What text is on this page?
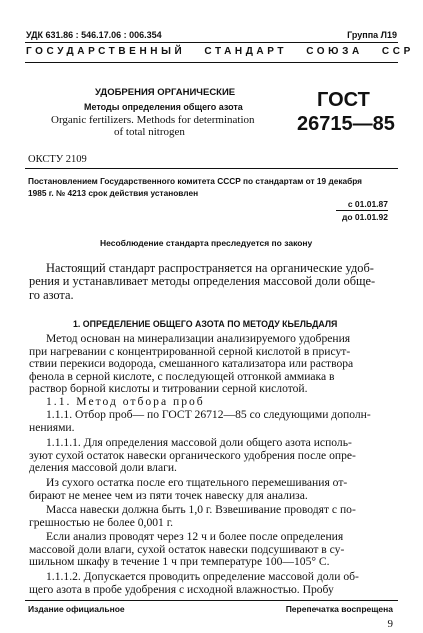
УДК 631.86 : 546.17.06 : 006.354	Группа Л19
ГОСУДАРСТВЕННЫЙ   СТАНДАРТ   СОЮЗА   ССР
УДОБРЕНИЯ ОРГАНИЧЕСКИЕ
Методы определения общего азота
Organic fertilizers. Methods for determination
of total nitrogen
ГОСТ
26715—85
ОКСТУ 2109
Постановлением Государственного комитета СССР по стандартам от 19 декабря
1985 г. № 4213 срок действия установлен
с 01.01.87
до 01.01.92
Несоблюдение стандарта преследуется по закону
Настоящий стандарт распространяется на органические удоб-
рения и устанавливает методы определения массовой доли обще-
го азота.
1. ОПРЕДЕЛЕНИЕ ОБЩЕГО АЗОТА ПО МЕТОДУ КЬЕЛЬДАЛЯ
Метод основан на минерализации анализируемого удобрения
при нагревании с концентрированной серной кислотой в присут-
ствии перекиси водорода, смешанного катализатора или раствора
фенола в серной кислоте, с последующей отгонкой аммиака в
раствор борной кислоты и титровании серной кислотой.
1.1. Метод отбора проб
1.1.1. Отбор проб— по ГОСТ 26712—85 со следующими дополн-
нениями.
1.1.1.1. Для определения массовой доли общего азота исполь-
зуют сухой остаток навески органического удобрения после опре-
деления массовой доли влаги.
Из сухого остатка после его тщательного перемешивания от-
бирают не менее чем из пяти точек навеску для анализа.
Масса навески должна быть 1,0 г. Взвешивание проводят с по-
грешностью не более 0,001 г.
Если анализ проводят через 12 ч и более после определения
массовой доли влаги, сухой остаток навески подсушивают в су-
шильном шкафу в течение 1 ч при температуре 100—105° С.
1.1.1.2. Допускается проводить определение массовой доли об-
щего азота в пробе удобрения с исходной влажностью. Пробу
Издание официальное	Перепечатка воспрещена
9
